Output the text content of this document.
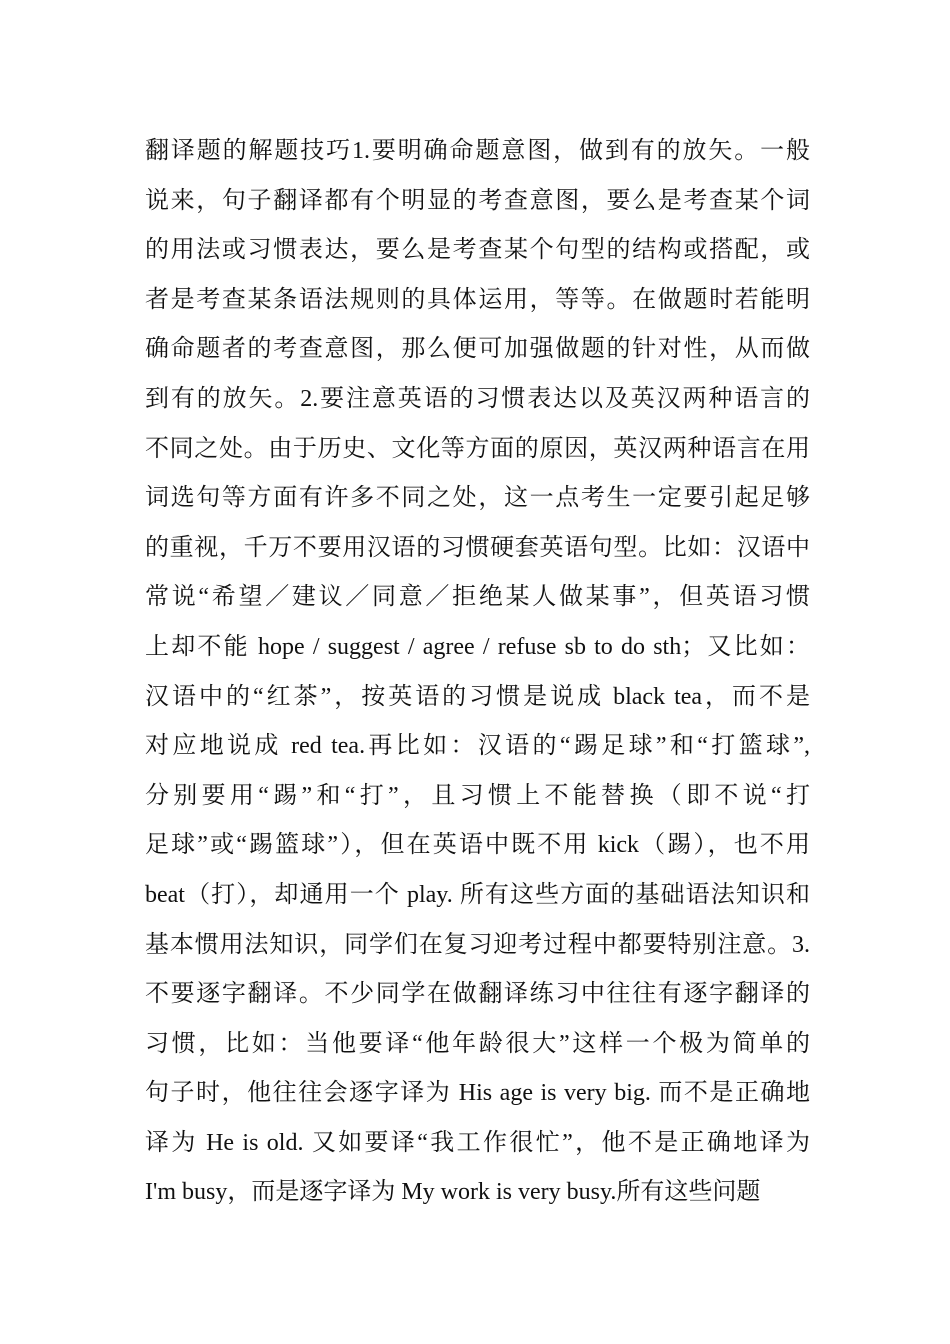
翻译题的解题技巧1.要明确命题意图，做到有的放矢。一般
说来，句子翻译都有个明显的考查意图，要么是考查某个词
的用法或习惯表达，要么是考查某个句型的结构或搭配，或
者是考查某条语法规则的具体运用，等等。在做题时若能明
确命题者的考查意图，那么便可加强做题的针对性，从而做
到有的放矢。2.要注意英语的习惯表达以及英汉两种语言的
不同之处。由于历史、文化等方面的原因，英汉两种语言在用
词选句等方面有许多不同之处，这一点考生一定要引起足够
的重视，千万不要用汉语的习惯硬套英语句型。比如：汉语中
常说“希望／建议／同意／拒绝某人做某事”，但英语习惯
上却不能 hope / suggest / agree / refuse sb to do sth；又比如：
汉语中的“红茶”，按英语的习惯是说成 black tea，而不是
对应地说成 red tea.再比如：汉语的“踢足球”和“打篮球”,
分别要用“踢”和“打”，且习惯上不能替换（即不说“打
足球”或“踢篮球”），但在英语中既不用 kick（踢），也不用
beat（打），却通用一个 play. 所有这些方面的基础语法知识和
基本惯用法知识，同学们在复习迎考过程中都要特别注意。3.
不要逐字翻译。不少同学在做翻译练习中往往有逐字翻译的
习惯，比如：当他要译“他年龄很大”这样一个极为简单的
句子时，他往往会逐字译为 His age is very big. 而不是正确地
译为 He is old. 又如要译“我工作很忙”，他不是正确地译为
I'm busy，而是逐字译为 My work is very busy.所有这些问题
